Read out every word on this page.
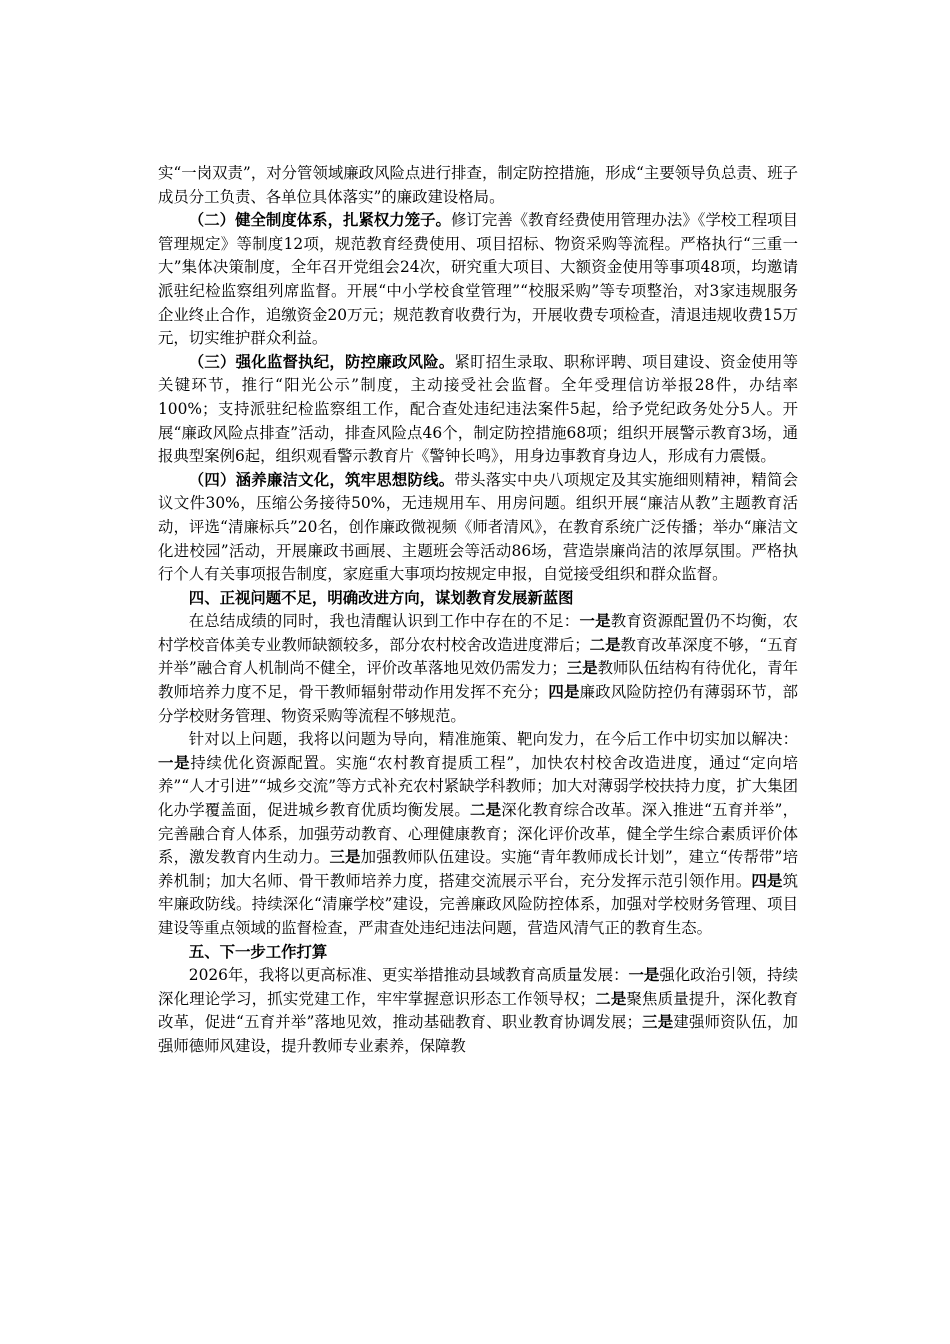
实“一岗双责”，对分管领域廉政风险点进行排查，制定防控措施，形成“主要领导负总责、班子成员分工负责、各单位具体落实”的廉政建设格局。

（二）健全制度体系，扎紧权力笼子。修订完善《教育经费使用管理办法》《学校工程项目管理规定》等制度12项，规范教育经费使用、项目招标、物资采购等流程。严格执行“三重一大”集体决策制度，全年召开党组会24次，研究重大项目、大额资金使用等事项48项，均邀请派驻纪检监察组列席监督。开展“中小学校食堂管理”“校服采购”等专项整治，对3家违规服务企业终止合作，追缴资金20万元；规范教育收费行为，开展收费专项检查，清退违规收费15万元，切实维护群众利益。

（三）强化监督执纪，防控廉政风险。紧盯招生录取、职称评聘、项目建设、资金使用等关键环节，推行“阳光公示”制度，主动接受社会监督。全年受理信访举报28件，办结率100%；支持派驻纪检监察组工作，配合查处违纪违法案件5起，给予党纪政务处分5人。开展“廉政风险点排查”活动，排查风险点46个，制定防控措施68项；组织开展警示教育3场，通报典型案例6起，组织观看警示教育片《警钟长鸣》，用身边事教育身边人，形成有力震慑。

（四）涵养廉洁文化，筑牢思想防线。带头落实中央八项规定及其实施细则精神，精简会议文件30%，压缩公务接待50%，无违规用车、用房问题。组织开展“廉洁从教”主题教育活动，评选“清廉标兵”20名，创作廉政微视频《师者清风》，在教育系统广泛传播；举办“廉洁文化进校园”活动，开展廉政书画展、主题班会等活动86场，营造崇廉尚洁的浓厚氛围。严格执行个人有关事项报告制度，家庭重大事项均按规定申报，自觉接受组织和群众监督。

四、正视问题不足，明确改进方向，谋划教育发展新蓝图

在总结成绩的同时，我也清醒认识到工作中存在的不足：一是教育资源配置仍不均衡，农村学校音体美专业教师缺额较多，部分农村校舍改造进度滞后；二是教育改革深度不够，“五育并举”融合育人机制尚不健全，评价改革落地见效仍需发力；三是教师队伍结构有待优化，青年教师培养力度不足，骨干教师辐射带动作用发挥不充分；四是廉政风险防控仍有薄弱环节，部分学校财务管理、物资采购等流程不够规范。

针对以上问题，我将以问题为导向，精准施策、靶向发力，在今后工作中切实加以解决：一是持续优化资源配置。实施“农村教育提质工程”，加快农村校舍改造进度，通过“定向培养”“人才引进”“城乡交流”等方式补充农村紧缺学科教师；加大对薄弱学校扶持力度，扩大集团化办学覆盖面，促进城乡教育优质均衡发展。二是深化教育综合改革。深入推进“五育并举”，完善融合育人体系，加强劳动教育、心理健康教育；深化评价改革，健全学生综合素质评价体系，激发教育内生动力。三是加强教师队伍建设。实施“青年教师成长计划”，建立“传帮带”培养机制；加大名师、骨干教师培养力度，搭建交流展示平台，充分发挥示范引领作用。四是筑牢廉政防线。持续深化“清廉学校”建设，完善廉政风险防控体系，加强对学校财务管理、项目建设等重点领域的监督检查，严肃查处违纪违法问题，营造风清气正的教育生态。

五、下一步工作打算

2026年，我将以更高标准、更实举措推动县域教育高质量发展：一是强化政治引领，持续深化理论学习，抓实党建工作，牢牢掌握意识形态工作领导权；二是聚焦质量提升，深化教育改革，促进“五育并举”落地见效，推动基础教育、职业教育协调发展；三是建强师资队伍，加强师德师风建设，提升教师专业素养，保障教
